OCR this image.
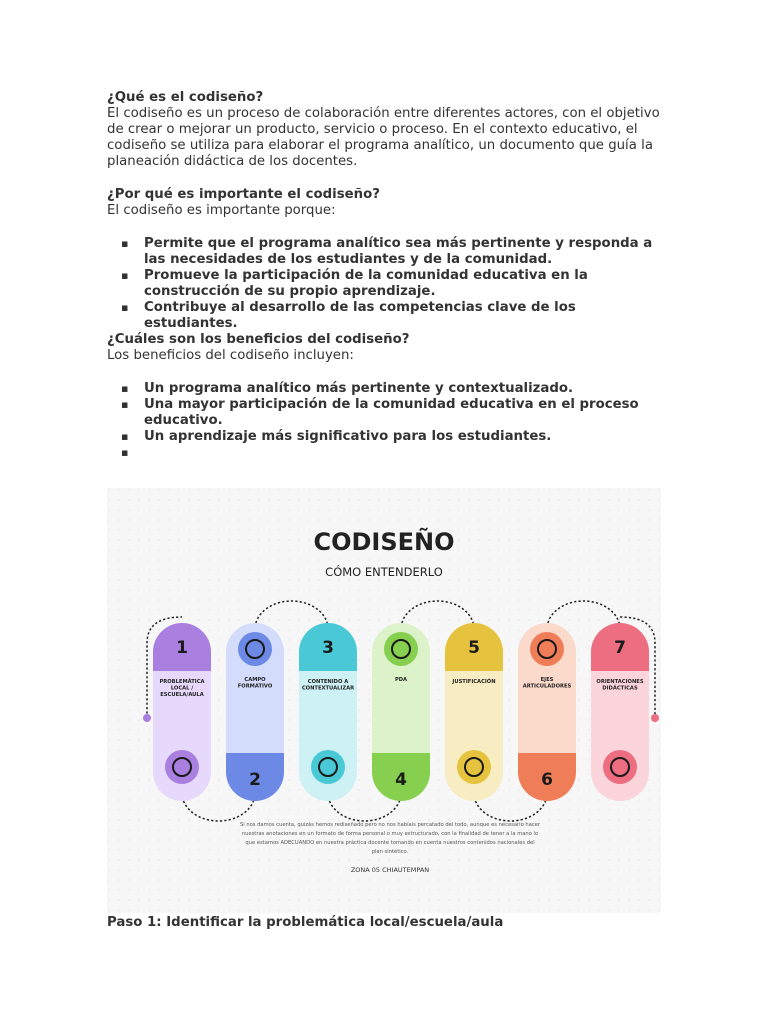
¿Qué es el codiseño?

El codiseño es un proceso de colaboración entre diferentes actores, con el objetivo de crear o mejorar un producto, servicio o proceso. En el contexto educativo, el codiseño se utiliza para elaborar el programa analítico, un documento que guía la planeación didáctica de los docentes.

¿Por qué es importante el codiseño?

El codiseño es importante porque:

▪ Permite que el programa analítico sea más pertinente y responda a las necesidades de los estudiantes y de la comunidad.
▪ Promueve la participación de la comunidad educativa en la construcción de su propio aprendizaje.
▪ Contribuye al desarrollo de las competencias clave de los estudiantes.

¿Cuáles son los beneficios del codiseño?

Los beneficios del codiseño incluyen:

▪ Un programa analítico más pertinente y contextualizado.
▪ Una mayor participación de la comunidad educativa en el proceso educativo.
▪ Un aprendizaje más significativo para los estudiantes.
CODISEÑO
CÓMO ENTENDERLO
1
PROBLEMÁTICA LOCAL / ESCUELA/AULA
2
CAMPO FORMATIVO
3
CONTENIDO A CONTEXTUALIZAR
4
PDA
5
JUSTIFICACIÓN
6
EJES ARTICULADORES
7
ORIENTACIONES DIDÁCTICAS
Si nos damos cuenta, quizás hemos rediseñado pero no nos habíais percatado del todo, aunque es necesario hacer
nuestras anotaciones en un formato de forma personal o muy estructurado, con la finalidad de tener a la mano lo
que estamos ADECUANDO en nuestra práctica docente tomando en cuenta nuestros contenidos nacionales del
plan sintético.
ZONA 05 CHIAUTEMPAN
Paso 1: Identificar la problemática local/escuela/aula
